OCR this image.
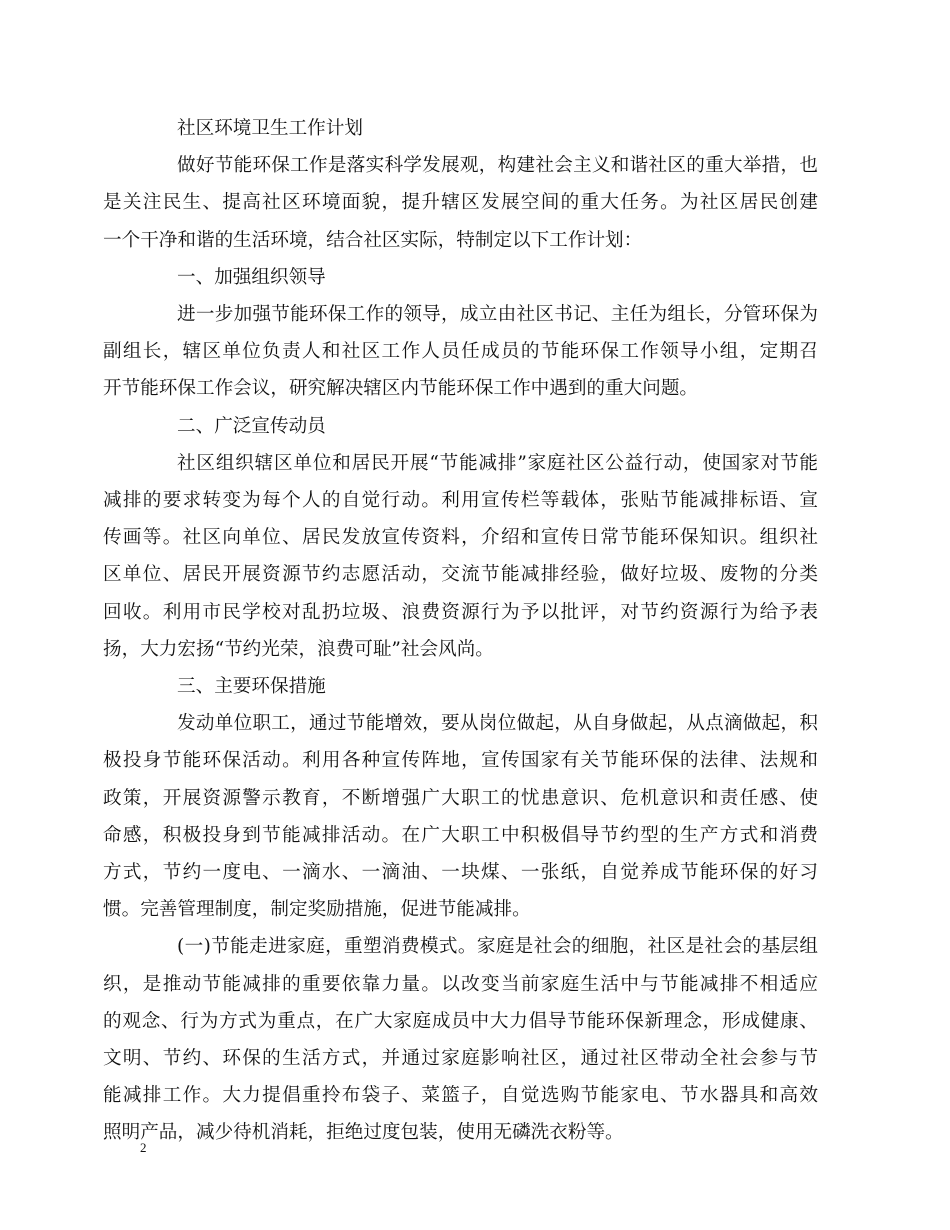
社区环境卫生工作计划

做好节能环保工作是落实科学发展观，构建社会主义和谐社区的重大举措，也
是关注民生、提高社区环境面貌，提升辖区发展空间的重大任务。为社区居民创建
一个干净和谐的生活环境，结合社区实际，特制定以下工作计划：

一、加强组织领导

进一步加强节能环保工作的领导，成立由社区书记、主任为组长，分管环保为
副组长，辖区单位负责人和社区工作人员任成员的节能环保工作领导小组，定期召
开节能环保工作会议，研究解决辖区内节能环保工作中遇到的重大问题。

二、广泛宣传动员

社区组织辖区单位和居民开展“节能减排”家庭社区公益行动，使国家对节能
减排的要求转变为每个人的自觉行动。利用宣传栏等载体，张贴节能减排标语、宣
传画等。社区向单位、居民发放宣传资料，介绍和宣传日常节能环保知识。组织社
区单位、居民开展资源节约志愿活动，交流节能减排经验，做好垃圾、废物的分类
回收。利用市民学校对乱扔垃圾、浪费资源行为予以批评，对节约资源行为给予表
扬，大力宏扬“节约光荣，浪费可耻”社会风尚。

三、主要环保措施

发动单位职工，通过节能增效，要从岗位做起，从自身做起，从点滴做起，积
极投身节能环保活动。利用各种宣传阵地，宣传国家有关节能环保的法律、法规和
政策，开展资源警示教育，不断增强广大职工的忧患意识、危机意识和责任感、使
命感，积极投身到节能减排活动。在广大职工中积极倡导节约型的生产方式和消费
方式，节约一度电、一滴水、一滴油、一块煤、一张纸，自觉养成节能环保的好习
惯。完善管理制度，制定奖励措施，促进节能减排。

(一)节能走进家庭，重塑消费模式。家庭是社会的细胞，社区是社会的基层组
织，是推动节能减排的重要依靠力量。以改变当前家庭生活中与节能减排不相适应
的观念、行为方式为重点，在广大家庭成员中大力倡导节能环保新理念，形成健康、
文明、节约、环保的生活方式，并通过家庭影响社区，通过社区带动全社会参与节
能减排工作。大力提倡重拎布袋子、菜篮子，自觉选购节能家电、节水器具和高效
照明产品，减少待机消耗，拒绝过度包装，使用无磷洗衣粉等。

2
